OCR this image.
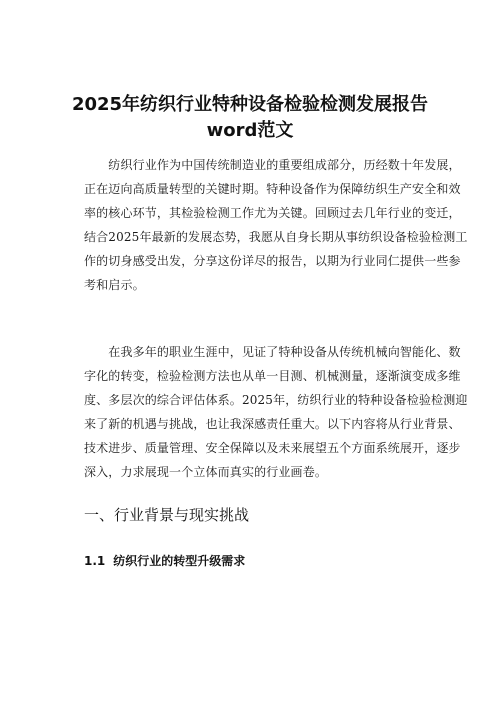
2025年纺织行业特种设备检验检测发展报告
word范文
　　纺织行业作为中国传统制造业的重要组成部分，历经数十年发展，
正在迈向高质量转型的关键时期。特种设备作为保障纺织生产安全和效
率的核心环节，其检验检测工作尤为关键。回顾过去几年行业的变迁，
结合2025年最新的发展态势，我愿从自身长期从事纺织设备检验检测工
作的切身感受出发，分享这份详尽的报告，以期为行业同仁提供一些参
考和启示。
　　在我多年的职业生涯中，见证了特种设备从传统机械向智能化、数
字化的转变，检验检测方法也从单一目测、机械测量，逐渐演变成多维
度、多层次的综合评估体系。2025年，纺织行业的特种设备检验检测迎
来了新的机遇与挑战，也让我深感责任重大。以下内容将从行业背景、
技术进步、质量管理、安全保障以及未来展望五个方面系统展开，逐步
深入，力求展现一个立体而真实的行业画卷。
一、行业背景与现实挑战
1.1 纺织行业的转型升级需求
